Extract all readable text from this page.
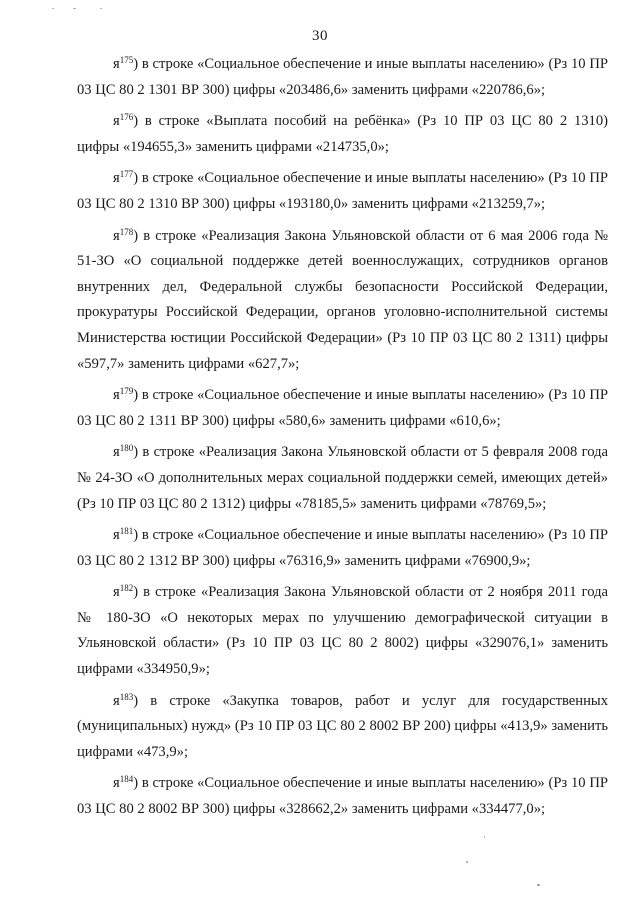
30

$я^{175}$) в строке «Социальное обеспечение и иные выплаты населению» (Рз 10 ПР 03 ЦС 80 2 1301 ВР 300) цифры «203486,6» заменить цифрами «220786,6»;

$я^{176}$) в строке «Выплата пособий на ребёнка» (Рз 10 ПР 03 ЦС 80 2 1310) цифры «194655,3» заменить цифрами «214735,0»;

$я^{177}$) в строке «Социальное обеспечение и иные выплаты населению» (Рз 10 ПР 03 ЦС 80 2 1310 ВР 300) цифры «193180,0» заменить цифрами «213259,7»;

$я^{178}$) в строке «Реализация Закона Ульяновской области от 6 мая 2006 года № 51-ЗО «О социальной поддержке детей военнослужащих, сотрудников органов внутренних дел, Федеральной службы безопасности Российской Федерации, прокуратуры Российской Федерации, органов уголовно-исполнительной системы Министерства юстиции Российской Федерации» (Рз 10 ПР 03 ЦС 80 2 1311) цифры «597,7» заменить цифрами «627,7»;

$я^{179}$) в строке «Социальное обеспечение и иные выплаты населению» (Рз 10 ПР 03 ЦС 80 2 1311 ВР 300) цифры «580,6» заменить цифрами «610,6»;

$я^{180}$) в строке «Реализация Закона Ульяновской области от 5 февраля 2008 года № 24-ЗО «О дополнительных мерах социальной поддержки семей, имеющих детей» (Рз 10 ПР 03 ЦС 80 2 1312) цифры «78185,5» заменить цифрами «78769,5»;

$я^{181}$) в строке «Социальное обеспечение и иные выплаты населению» (Рз 10 ПР 03 ЦС 80 2 1312 ВР 300) цифры «76316,9» заменить цифрами «76900,9»;

$я^{182}$) в строке «Реализация Закона Ульяновской области от 2 ноября 2011 года № 180-ЗО «О некоторых мерах по улучшению демографической ситуации в Ульяновской области» (Рз 10 ПР 03 ЦС 80 2 8002) цифры «329076,1» заменить цифрами «334950,9»;

$я^{183}$) в строке «Закупка товаров, работ и услуг для государственных (муниципальных) нужд» (Рз 10 ПР 03 ЦС 80 2 8002 ВР 200) цифры «413,9» заменить цифрами «473,9»;

$я^{184}$) в строке «Социальное обеспечение и иные выплаты населению» (Рз 10 ПР 03 ЦС 80 2 8002 ВР 300) цифры «328662,2» заменить цифрами «334477,0»;
